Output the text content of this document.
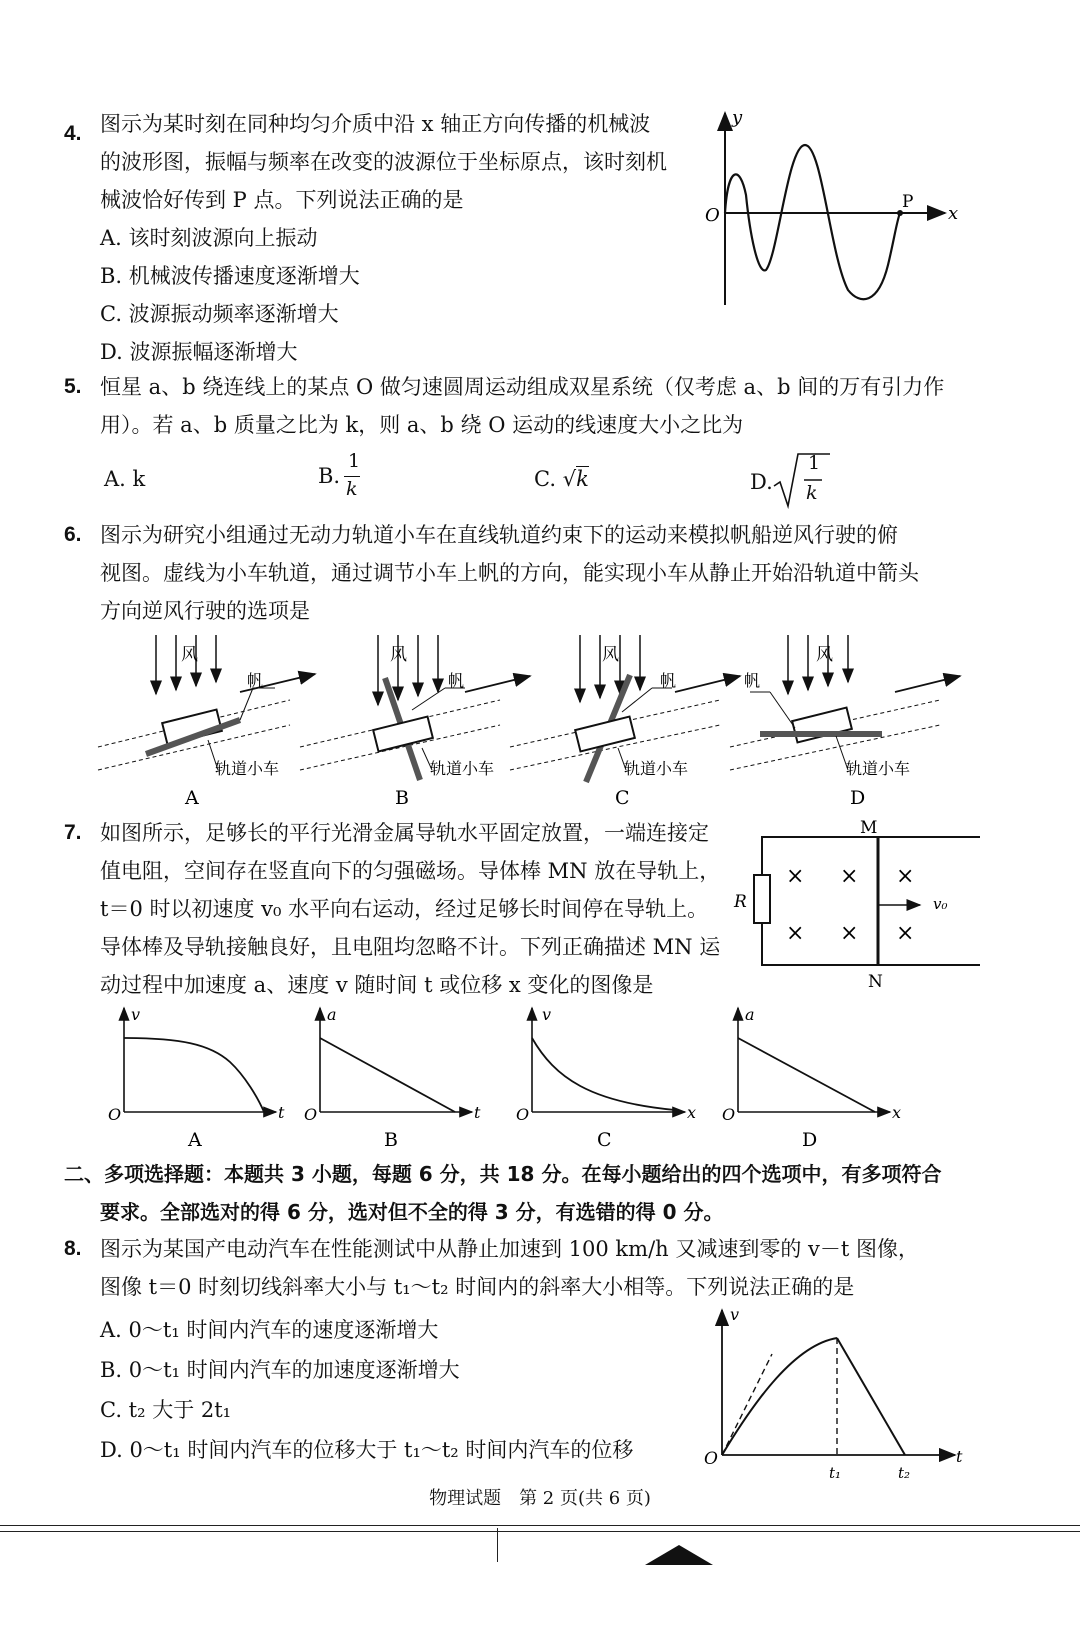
4. 图示为某时刻在同种均匀介质中沿 x 轴正方向传播的机械波
的波形图，振幅与频率在改变的波源位于坐标原点，该时刻机
械波恰好传到 P 点。下列说法正确的是
A. 该时刻波源向上振动
B. 机械波传播速度逐渐增大
C. 波源振动频率逐渐增大
D. 波源振幅逐渐增大
y
x
O
P
5. 恒星 a、b 绕连线上的某点 O 做匀速圆周运动组成双星系统（仅考虑 a、b 间的万有引力作
用）。若 a、b 质量之比为 k，则 a、b 绕 O 运动的线速度大小之比为
A. k	B.
1
k	C. √k	D.
1
k
6. 图示为研究小组通过无动力轨道小车在直线轨道约束下的运动来模拟帆船逆风行驶的俯
视图。虚线为小车轨道，通过调节小车上帆的方向，能实现小车从静止开始沿轨道中箭头
方向逆风行驶的选项是
风
帆
轨道小车
A
风
帆
轨道小车
B
风
帆
轨道小车
C
风
帆
轨道小车
D
7. 如图所示，足够长的平行光滑金属导轨水平固定放置，一端连接定
值电阻，空间存在竖直向下的匀强磁场。导体棒 MN 放在导轨上，
t＝0 时以初速度 v₀ 水平向右运动，经过足够长时间停在导轨上。
导体棒及导轨接触良好，且电阻均忽略不计。下列正确描述 MN 运
动过程中加速度 a、速度 v 随时间 t 或位移 x 变化的图像是
M
N
R	v₀
× × ×
× × ×
v
t
O
A
a
t
O
B
v
x
O
C
a
x
O
D
二、多项选择题：本题共 3 小题，每题 6 分，共 18 分。在每小题给出的四个选项中，有多项符合
要求。全部选对的得 6 分，选对但不全的得 3 分，有选错的得 0 分。
8. 图示为某国产电动汽车在性能测试中从静止加速到 100 km/h 又减速到零的 v－t 图像，
图像 t＝0 时刻切线斜率大小与 t₁～t₂ 时间内的斜率大小相等。下列说法正确的是
A. 0～t₁ 时间内汽车的速度逐渐增大
B. 0～t₁ 时间内汽车的加速度逐渐增大
C. t₂ 大于 2t₁
D. 0～t₁ 时间内汽车的位移大于 t₁～t₂ 时间内汽车的位移
v
t
O
t₁	t₂
物理试题　第 2 页(共 6 页)
